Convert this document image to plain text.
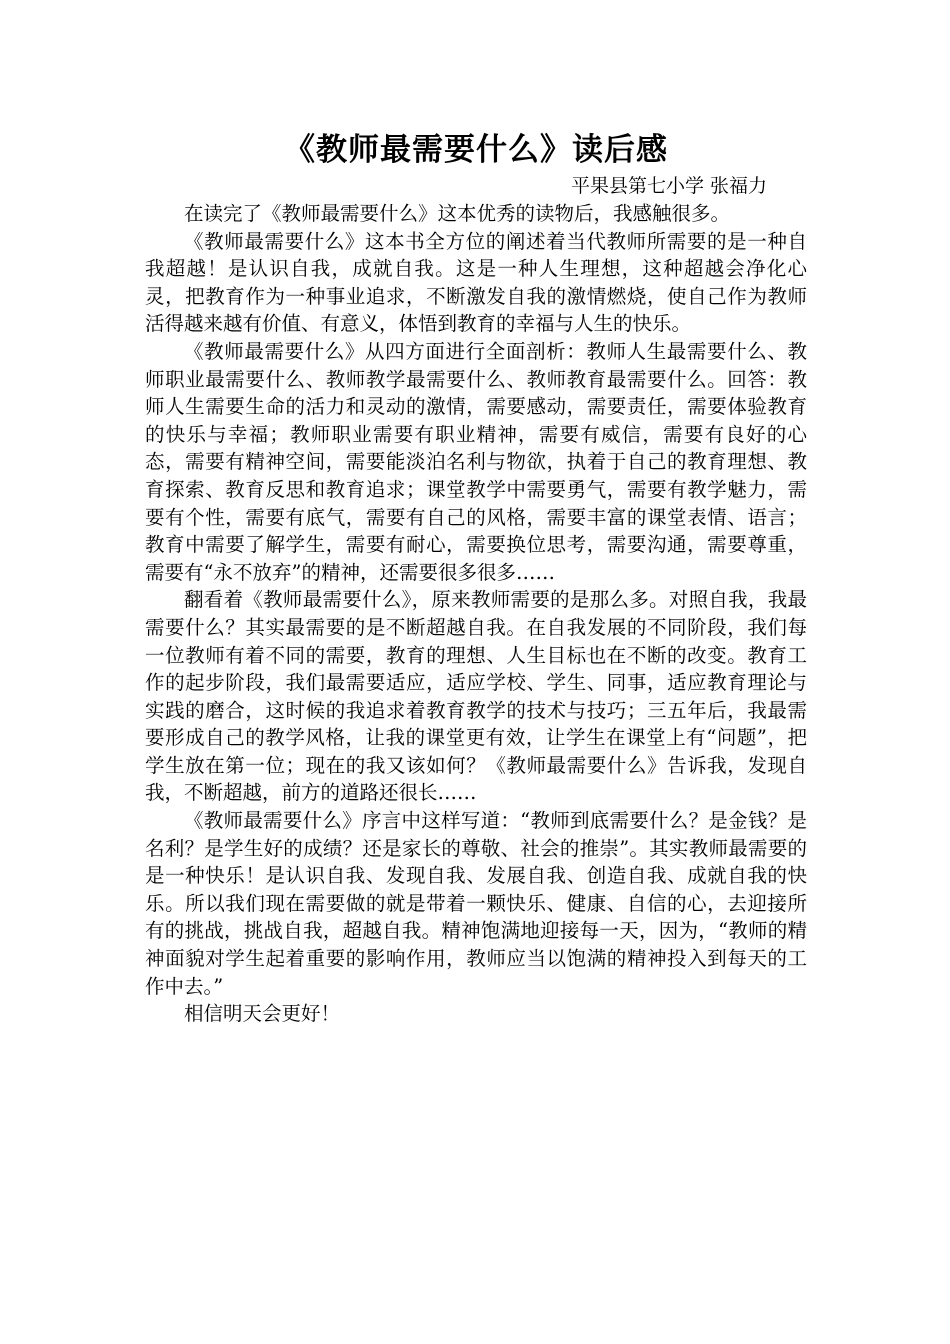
《教师最需要什么》读后感

平果县第七小学 张福力

在读完了《教师最需要什么》这本优秀的读物后，我感触很多。

《教师最需要什么》这本书全方位的阐述着当代教师所需要的是一种自我超越！是认识自我，成就自我。这是一种人生理想，这种超越会净化心灵，把教育作为一种事业追求，不断激发自我的激情燃烧，使自己作为教师活得越来越有价值、有意义，体悟到教育的幸福与人生的快乐。

《教师最需要什么》从四方面进行全面剖析：教师人生最需要什么、教师职业最需要什么、教师教学最需要什么、教师教育最需要什么。回答：教师人生需要生命的活力和灵动的激情，需要感动，需要责任，需要体验教育的快乐与幸福；教师职业需要有职业精神，需要有威信，需要有良好的心态，需要有精神空间，需要能淡泊名利与物欲，执着于自己的教育理想、教育探索、教育反思和教育追求；课堂教学中需要勇气，需要有教学魅力，需要有个性，需要有底气，需要有自己的风格，需要丰富的课堂表情、语言；教育中需要了解学生，需要有耐心，需要换位思考，需要沟通，需要尊重，需要有“永不放弃”的精神，还需要很多很多……

翻看着《教师最需要什么》，原来教师需要的是那么多。对照自我，我最需要什么？其实最需要的是不断超越自我。在自我发展的不同阶段，我们每一位教师有着不同的需要，教育的理想、人生目标也在不断的改变。教育工作的起步阶段，我们最需要适应，适应学校、学生、同事，适应教育理论与实践的磨合，这时候的我追求着教育教学的技术与技巧；三五年后，我最需要形成自己的教学风格，让我的课堂更有效，让学生在课堂上有“问题”，把学生放在第一位；现在的我又该如何？《教师最需要什么》告诉我，发现自我，不断超越，前方的道路还很长……

《教师最需要什么》序言中这样写道：“教师到底需要什么？是金钱？是名利？是学生好的成绩？还是家长的尊敬、社会的推崇”。其实教师最需要的是一种快乐！是认识自我、发现自我、发展自我、创造自我、成就自我的快乐。所以我们现在需要做的就是带着一颗快乐、健康、自信的心，去迎接所有的挑战，挑战自我，超越自我。精神饱满地迎接每一天，因为，“教师的精神面貌对学生起着重要的影响作用，教师应当以饱满的精神投入到每天的工作中去。”

相信明天会更好！
